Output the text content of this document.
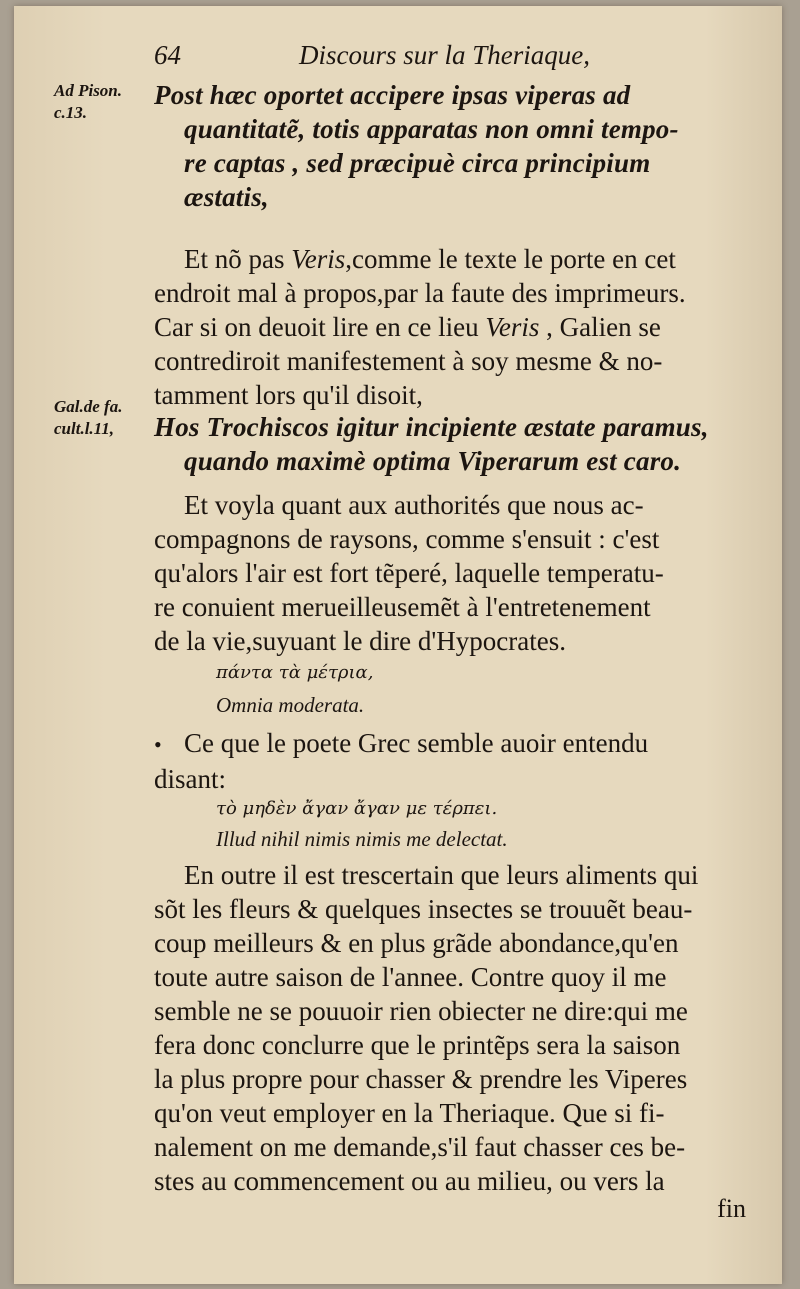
64	Discours sur la Theriaque,
Ad Pison.
c.13.
Gal.de fa.
cult.l.11,
Post hæc oportet accipere ipsas viperas ad
quantitatẽ, totis apparatas non omni tempo-
re captas , sed præcipuè circa principium
æstatis,
Et nõ pas Veris,comme le texte le porte en cet
endroit mal à propos,par la faute des imprimeurs.
Car si on deuoit lire en ce lieu Veris , Galien se
contrediroit manifestement à soy mesme & no-
tamment lors qu'il disoit,
Hos Trochiscos igitur incipiente æstate paramus,
quando maximè optima Viperarum est caro.
Et voyla quant aux authorités que nous ac-
compagnons de raysons, comme s'ensuit : c'est
qu'alors l'air est fort tẽperé, laquelle temperatu-
re conuient merueilleusemẽt à l'entretenement
de la vie,suyuant le dire d'Hypocrates.
πάντα τὰ μέτρια,
Omnia moderata.
• Ce que le poete Grec semble auoir entendu
disant:
τὸ μηδὲν ἄγαν ἄγαν με τέρπει.
Illud nihil nimis nimis me delectat.
En outre il est trescertain que leurs aliments qui
sõt les fleurs & quelques insectes se trouuẽt beau-
coup meilleurs & en plus grãde abondance,qu'en
toute autre saison de l'annee. Contre quoy il me
semble ne se pouuoir rien obiecter ne dire:qui me
fera donc conclurre que le printẽps sera la saison
la plus propre pour chasser & prendre les Viperes
qu'on veut employer en la Theriaque. Que si fi-
nalement on me demande,s'il faut chasser ces be-
stes au commencement ou au milieu, ou vers la
fin
